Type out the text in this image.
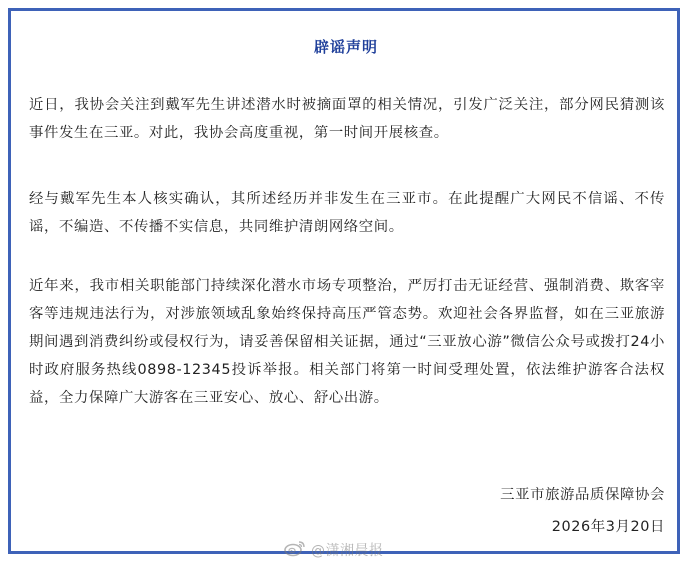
辟谣声明
近日，我协会关注到戴军先生讲述潜水时被摘面罩的相关情况，引发广泛关注，部分网民猜测该事件发生在三亚。对此，我协会高度重视，第一时间开展核查。
经与戴军先生本人核实确认，其所述经历并非发生在三亚市。在此提醒广大网民不信谣、不传谣，不编造、不传播不实信息，共同维护清朗网络空间。
近年来，我市相关职能部门持续深化潜水市场专项整治，严厉打击无证经营、强制消费、欺客宰客等违规违法行为，对涉旅领域乱象始终保持高压严管态势。欢迎社会各界监督，如在三亚旅游期间遇到消费纠纷或侵权行为，请妥善保留相关证据，通过“三亚放心游”微信公众号或拨打24小时政府服务热线0898-12345投诉举报。相关部门将第一时间受理处置，依法维护游客合法权益，全力保障广大游客在三亚安心、放心、舒心出游。
三亚市旅游品质保障协会
2026年3月20日
@潇湘晨报
